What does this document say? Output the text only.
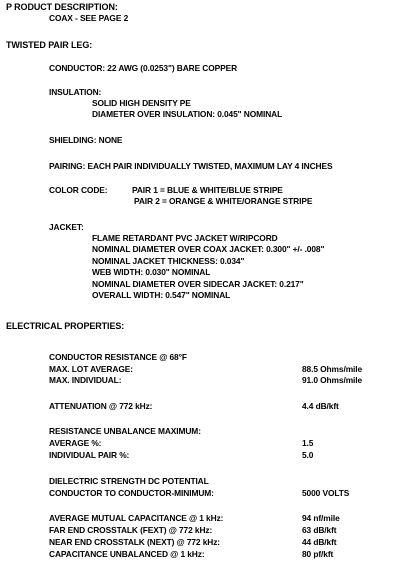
P RODUCT DESCRIPTION:
COAX - SEE PAGE 2
TWISTED PAIR LEG:
CONDUCTOR: 22 AWG (0.0253") BARE COPPER
INSULATION:
SOLID HIGH DENSITY PE
DIAMETER OVER INSULATION: 0.045" NOMINAL
SHIELDING: NONE
PAIRING: EACH PAIR INDIVIDUALLY TWISTED, MAXIMUM LAY 4 INCHES
COLOR CODE:	PAIR 1 = BLUE & WHITE/BLUE STRIPE
PAIR 2 = ORANGE & WHITE/ORANGE STRIPE
JACKET:
FLAME RETARDANT PVC JACKET W/RIPCORD
NOMINAL DIAMETER OVER COAX JACKET: 0.300" +/- .008"
NOMINAL JACKET THICKNESS: 0.034"
WEB WIDTH: 0.030" NOMINAL
NOMINAL DIAMETER OVER SIDECAR JACKET: 0.217"
OVERALL WIDTH: 0.547" NOMINAL
ELECTRICAL PROPERTIES:
CONDUCTOR RESISTANCE @ 68°F
MAX. LOT AVERAGE:	88.5 Ohms/mile
MAX. INDIVIDUAL:	91.0 Ohms/mile
ATTENUATION @ 772 kHz:	4.4 dB/kft
RESISTANCE UNBALANCE MAXIMUM:
AVERAGE %:	1.5
INDIVIDUAL PAIR %:	5.0
DIELECTRIC STRENGTH DC POTENTIAL
CONDUCTOR TO CONDUCTOR-MINIMUM:	5000 VOLTS
AVERAGE MUTUAL CAPACITANCE @ 1 kHz:	94 nf/mile
FAR END CROSSTALK (FEXT) @ 772 kHz:	63 dB/kft
NEAR END CROSSTALK (NEXT) @ 772 kHz:	44 dB/kft
CAPACITANCE UNBALANCED @ 1 kHz:	80 pf/kft
